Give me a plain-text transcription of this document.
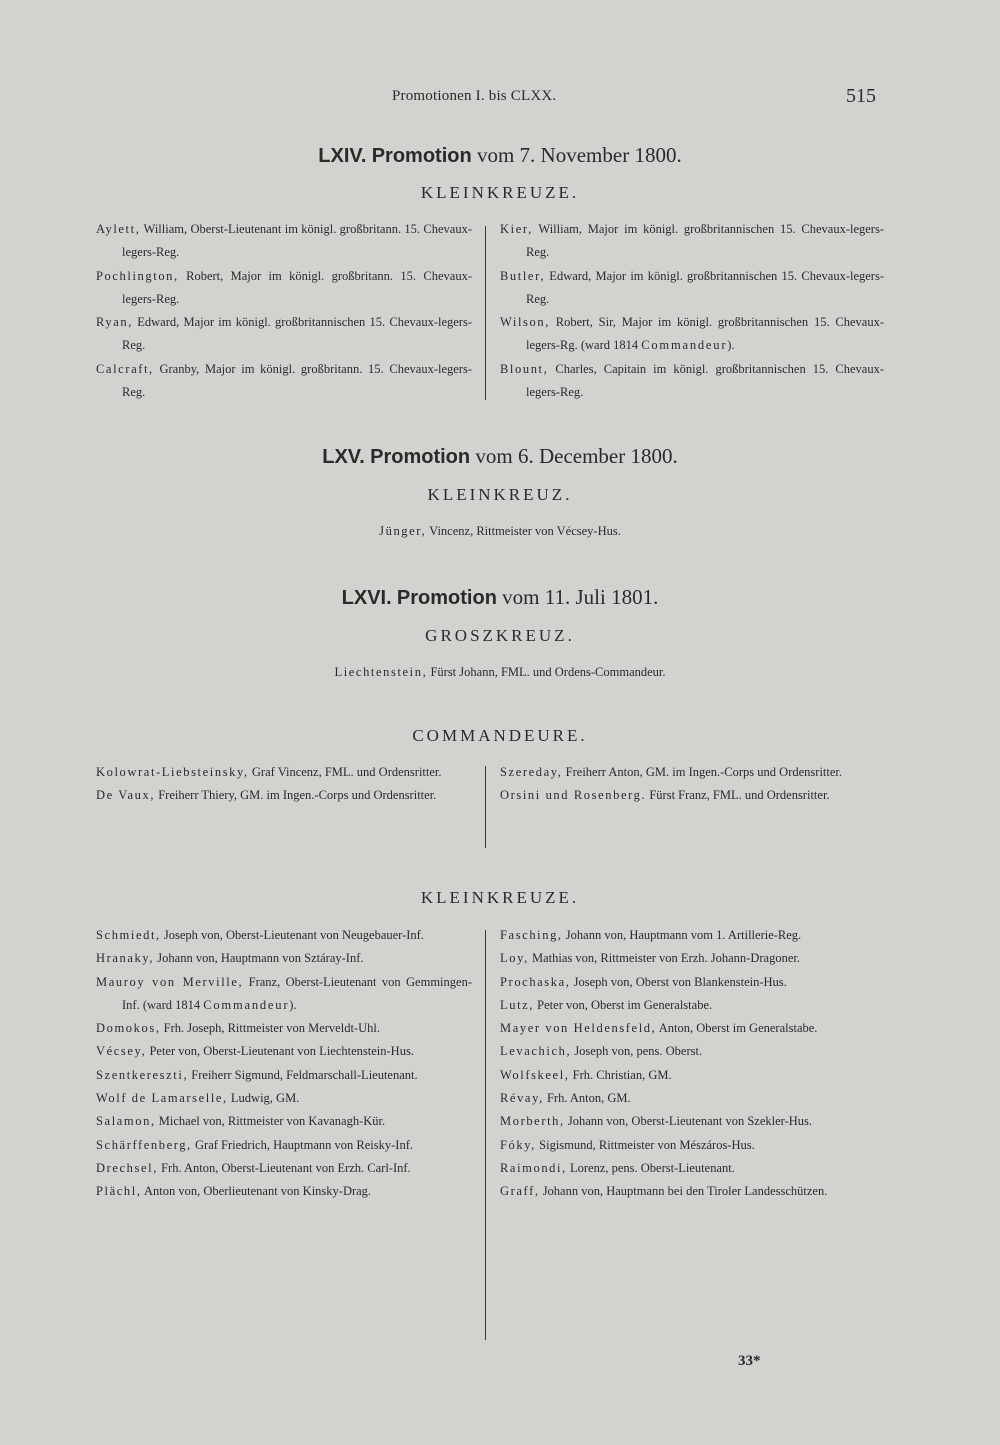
Promotionen I. bis CLXX.	515
LXIV. Promotion vom 7. November 1800.
KLEINKREUZE.
Aylett, William, Oberst-Lieutenant im königl. großbritann. 15. Chevaux-legers-Reg.
Pochlington, Robert, Major im königl. großbritann. 15. Chevaux-legers-Reg.
Ryan, Edward, Major im königl. großbritannischen 15. Chevaux-legers-Reg.
Calcraft, Granby, Major im königl. großbritann. 15. Chevaux-legers-Reg.
Kier, William, Major im königl. großbritannischen 15. Chevaux-legers-Reg.
Butler, Edward, Major im königl. großbritannischen 15. Chevaux-legers-Reg.
Wilson, Robert, Sir, Major im königl. großbritannischen 15. Chevaux-legers-Rg. (ward 1814 Commandeur).
Blount, Charles, Capitain im königl. großbritannischen 15. Chevaux-legers-Reg.
LXV. Promotion vom 6. December 1800.
KLEINKREUZ.
Jünger, Vincenz, Rittmeister von Vécsey-Hus.
LXVI. Promotion vom 11. Juli 1801.
GROSZKREUZ.
Liechtenstein, Fürst Johann, FML. und Ordens-Commandeur.
COMMANDEURE.
Kolowrat-Liebsteinsky, Graf Vincenz, FML. und Ordensritter.
De Vaux, Freiherr Thiery, GM. im Ingen.-Corps und Ordensritter.
Szereday, Freiherr Anton, GM. im Ingen.-Corps und Ordensritter.
Orsini und Rosenberg. Fürst Franz, FML. und Ordensritter.
KLEINKREUZE.
Schmiedt, Joseph von, Oberst-Lieutenant von Neugebauer-Inf.
Hranaky, Johann von, Hauptmann von Sztáray-Inf.
Mauroy von Merville, Franz, Oberst-Lieutenant von Gemmingen-Inf. (ward 1814 Commandeur).
Domokos, Frh. Joseph, Rittmeister von Merveldt-Uhl.
Vécsey, Peter von, Oberst-Lieutenant von Liechtenstein-Hus.
Szentkereszti, Freiherr Sigmund, Feldmarschall-Lieutenant.
Wolf de Lamarselle, Ludwig, GM.
Salamon, Michael von, Rittmeister von Kavanagh-Kür.
Schärffenberg, Graf Friedrich, Hauptmann von Reisky-Inf.
Drechsel, Frh. Anton, Oberst-Lieutenant von Erzh. Carl-Inf.
Plächl, Anton von, Oberlieutenant von Kinsky-Drag.
Fasching, Johann von, Hauptmann vom 1. Artillerie-Reg.
Loy, Mathias von, Rittmeister von Erzh. Johann-Dragoner.
Prochaska, Joseph von, Oberst von Blankenstein-Hus.
Lutz, Peter von, Oberst im Generalstabe.
Mayer von Heldensfeld, Anton, Oberst im Generalstabe.
Levachich, Joseph von, pens. Oberst.
Wolfskeel, Frh. Christian, GM.
Révay, Frh. Anton, GM.
Morberth, Johann von, Oberst-Lieutenant von Szekler-Hus.
Fóky, Sigismund, Rittmeister von Mészáros-Hus.
Raimondi, Lorenz, pens. Oberst-Lieutenant.
Graff, Johann von, Hauptmann bei den Tiroler Landesschützen.
33*
